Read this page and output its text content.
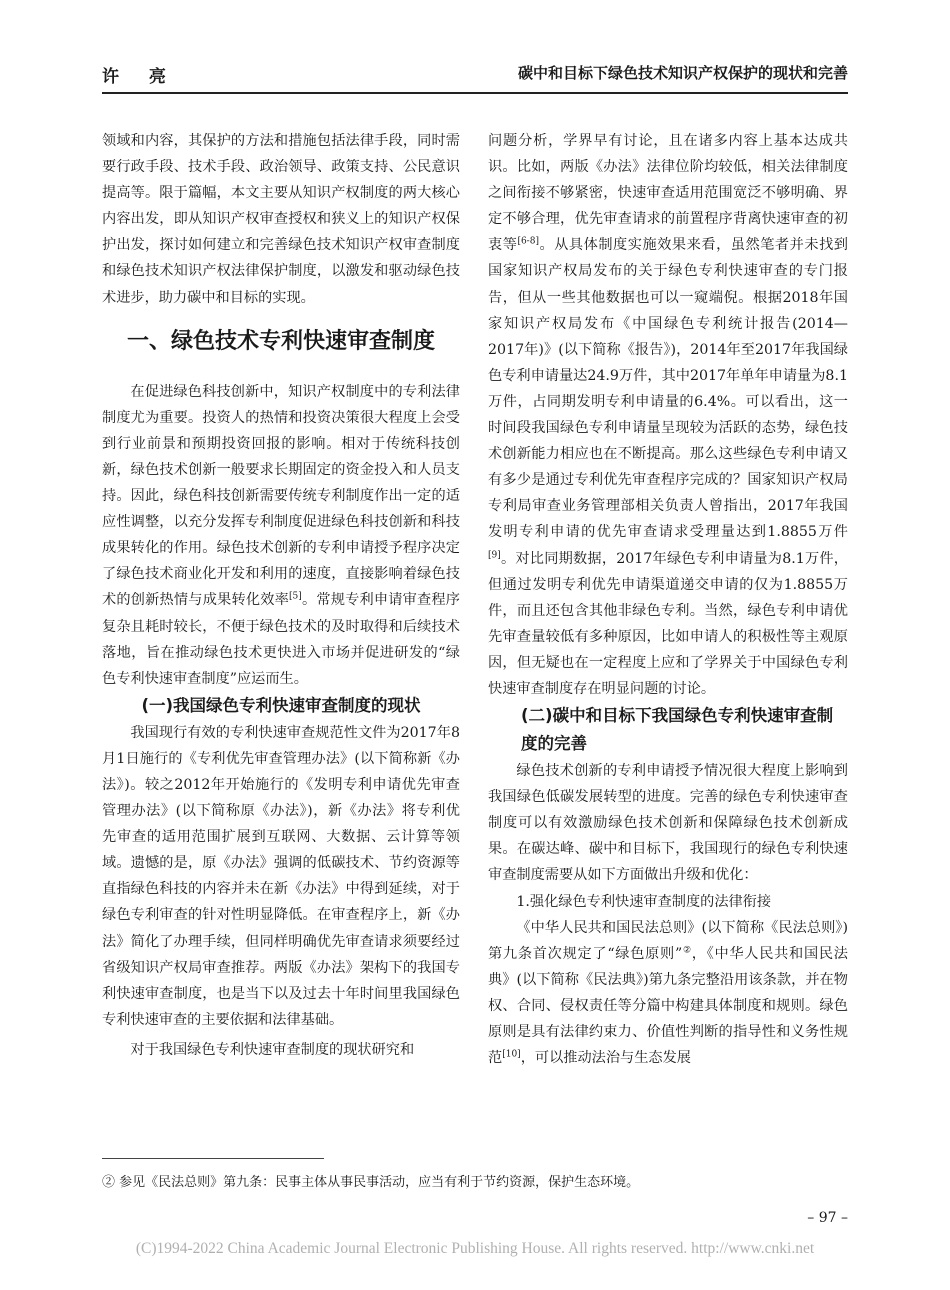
许 亮	碳中和目标下绿色技术知识产权保护的现状和完善

领域和内容，其保护的方法和措施包括法律手段，同时需要行政手段、技术手段、政治领导、政策支持、公民意识提高等。限于篇幅，本文主要从知识产权制度的两大核心内容出发，即从知识产权审查授权和狭义上的知识产权保护出发，探讨如何建立和完善绿色技术知识产权审查制度和绿色技术知识产权法律保护制度，以激发和驱动绿色技术进步，助力碳中和目标的实现。

一、绿色技术专利快速审查制度

在促进绿色科技创新中，知识产权制度中的专利法律制度尤为重要。投资人的热情和投资决策很大程度上会受到行业前景和预期投资回报的影响。相对于传统科技创新，绿色技术创新一般要求长期固定的资金投入和人员支持。因此，绿色科技创新需要传统专利制度作出一定的适应性调整，以充分发挥专利制度促进绿色科技创新和科技成果转化的作用。绿色技术创新的专利申请授予程序决定了绿色技术商业化开发和利用的速度，直接影响着绿色技术的创新热情与成果转化效率[5]。常规专利申请审查程序复杂且耗时较长，不便于绿色技术的及时取得和后续技术落地，旨在推动绿色技术更快进入市场并促进研发的“绿色专利快速审查制度”应运而生。

(一)我国绿色专利快速审查制度的现状

我国现行有效的专利快速审查规范性文件为2017年8月1日施行的《专利优先审查管理办法》(以下简称新《办法》)。较之2012年开始施行的《发明专利申请优先审查管理办法》(以下简称原《办法》)，新《办法》将专利优先审查的适用范围扩展到互联网、大数据、云计算等领域。遗憾的是，原《办法》强调的低碳技术、节约资源等直指绿色科技的内容并未在新《办法》中得到延续，对于绿色专利审查的针对性明显降低。在审查程序上，新《办法》简化了办理手续，但同样明确优先审查请求须要经过省级知识产权局审查推荐。两版《办法》架构下的我国专利快速审查制度，也是当下以及过去十年时间里我国绿色专利快速审查的主要依据和法律基础。

对于我国绿色专利快速审查制度的现状研究和

问题分析，学界早有讨论，且在诸多内容上基本达成共识。比如，两版《办法》法律位阶均较低，相关法律制度之间衔接不够紧密，快速审查适用范围宽泛不够明确、界定不够合理，优先审查请求的前置程序背离快速审查的初衷等[6-8]。从具体制度实施效果来看，虽然笔者并未找到国家知识产权局发布的关于绿色专利快速审查的专门报告，但从一些其他数据也可以一窥端倪。根据2018年国家知识产权局发布《中国绿色专利统计报告(2014—2017年)》(以下简称《报告》)，2014年至2017年我国绿色专利申请量达24.9万件，其中2017年单年申请量为8.1万件，占同期发明专利申请量的6.4%。可以看出，这一时间段我国绿色专利申请量呈现较为活跃的态势，绿色技术创新能力相应也在不断提高。那么这些绿色专利申请又有多少是通过专利优先审查程序完成的？国家知识产权局专利局审查业务管理部相关负责人曾指出，2017年我国发明专利申请的优先审查请求受理量达到1.8855万件[9]。对比同期数据，2017年绿色专利申请量为8.1万件，但通过发明专利优先申请渠道递交申请的仅为1.8855万件，而且还包含其他非绿色专利。当然，绿色专利申请优先审查量较低有多种原因，比如申请人的积极性等主观原因，但无疑也在一定程度上应和了学界关于中国绿色专利快速审查制度存在明显问题的讨论。

(二)碳中和目标下我国绿色专利快速审查制度的完善

绿色技术创新的专利申请授予情况很大程度上影响到我国绿色低碳发展转型的进度。完善的绿色专利快速审查制度可以有效激励绿色技术创新和保障绿色技术创新成果。在碳达峰、碳中和目标下，我国现行的绿色专利快速审查制度需要从如下方面做出升级和优化：

1.强化绿色专利快速审查制度的法律衔接

《中华人民共和国民法总则》(以下简称《民法总则》)第九条首次规定了“绿色原则”②，《中华人民共和国民法典》(以下简称《民法典》)第九条完整沿用该条款，并在物权、合同、侵权责任等分篇中构建具体制度和规则。绿色原则是具有法律约束力、价值性判断的指导性和义务性规范[10]，可以推动法治与生态发展

② 参见《民法总则》第九条：民事主体从事民事活动，应当有利于节约资源，保护生态环境。
– 97 –
(C)1994-2022 China Academic Journal Electronic Publishing House. All rights reserved. http://www.cnki.net
